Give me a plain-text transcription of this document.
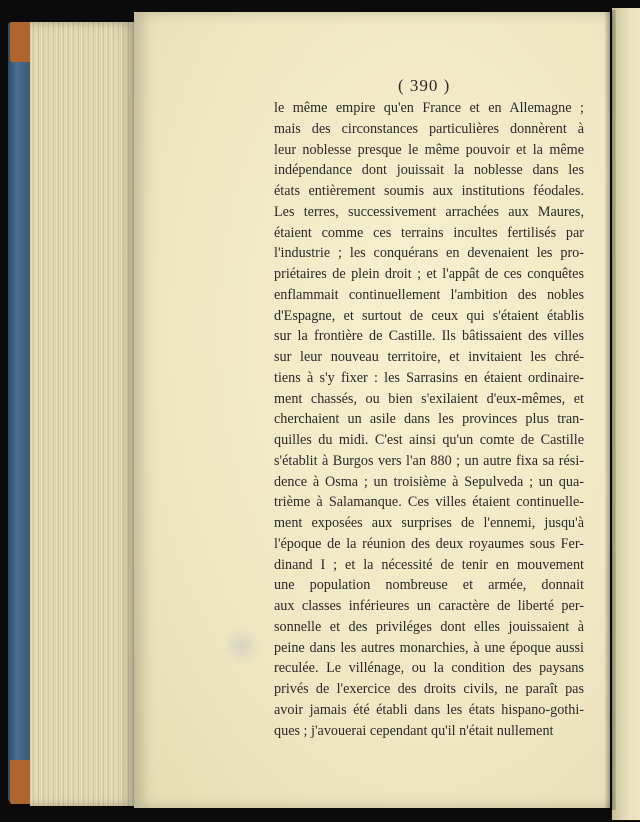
( 390 )
le même empire qu'en France et en Allemagne ;
mais des circonstances particulières donnèrent à
leur noblesse presque le même pouvoir et la même
indépendance dont jouissait la noblesse dans les
états entièrement soumis aux institutions féodales.
Les terres, successivement arrachées aux Maures,
étaient comme ces terrains incultes fertilisés par
l'industrie ; les conquérans en devenaient les pro-
priétaires de plein droit ; et l'appât de ces conquêtes
enflammait continuellement l'ambition des nobles
d'Espagne, et surtout de ceux qui s'étaient établis
sur la frontière de Castille. Ils bâtissaient des villes
sur leur nouveau territoire, et invitaient les chré-
tiens à s'y fixer : les Sarrasins en étaient ordinaire-
ment chassés, ou bien s'exilaient d'eux-mêmes, et
cherchaient un asile dans les provinces plus tran-
quilles du midi. C'est ainsi qu'un comte de Castille
s'établit à Burgos vers l'an 880 ; un autre fixa sa rési-
dence à Osma ; un troisième à Sepulveda ; un qua-
trième à Salamanque. Ces villes étaient continuelle-
ment exposées aux surprises de l'ennemi, jusqu'à
l'époque de la réunion des deux royaumes sous Fer-
dinand I ; et la nécessité de tenir en mouvement
une population nombreuse et armée, donnait
aux classes inférieures un caractère de liberté per-
sonnelle et des priviléges dont elles jouissaient à
peine dans les autres monarchies, à une époque aussi
reculée. Le villénage, ou la condition des paysans
privés de l'exercice des droits civils, ne paraît pas
avoir jamais été établi dans les états hispano-gothi-
ques ; j'avouerai cependant qu'il n'était nullement
